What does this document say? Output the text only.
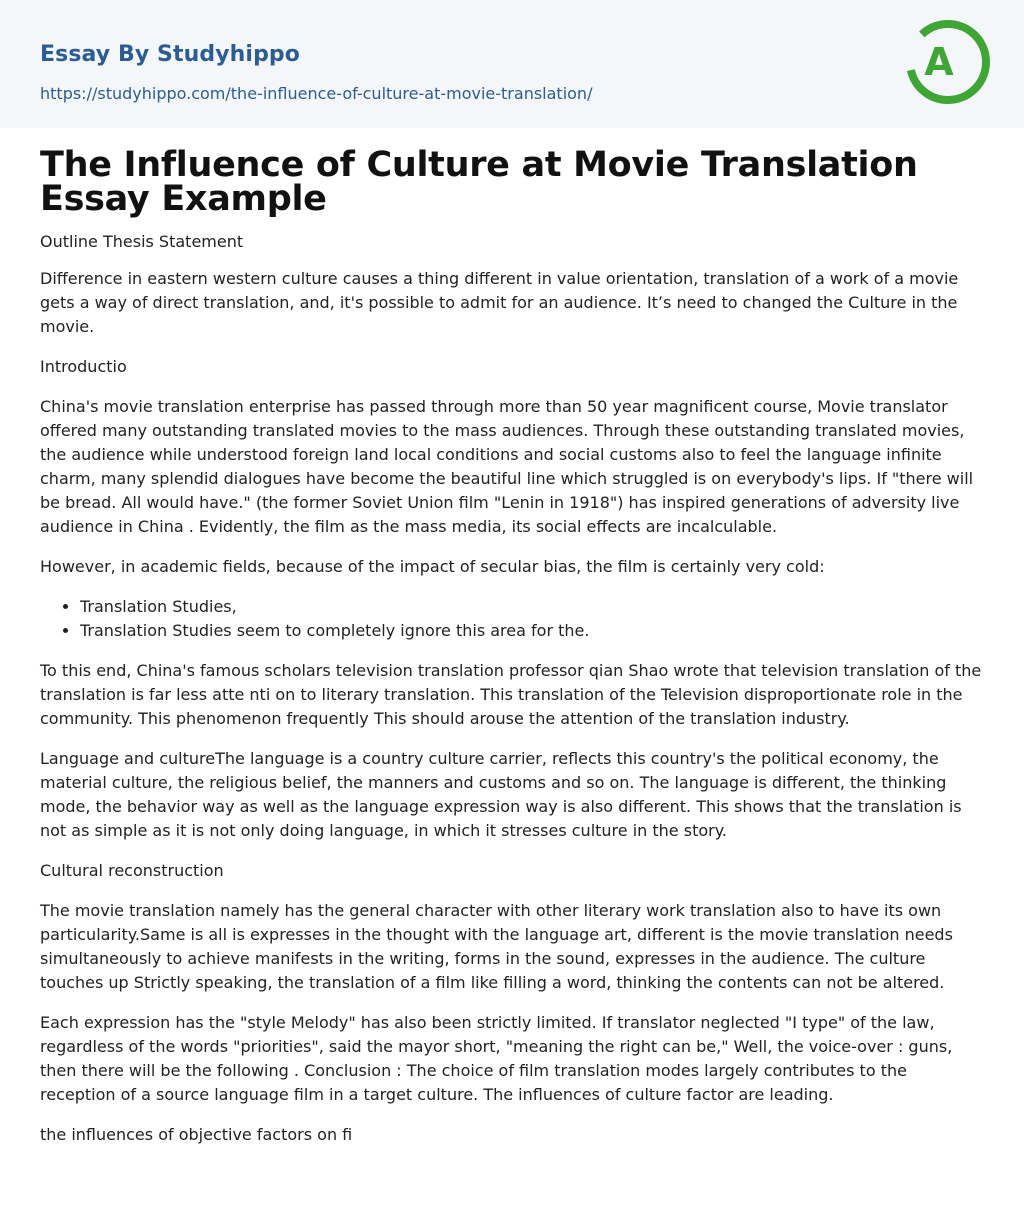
Essay By Studyhippo
https://studyhippo.com/the-influence-of-culture-at-movie-translation/
A
The Influence of Culture at Movie Translation Essay Example
Outline Thesis Statement

Difference in eastern western culture causes a thing different in value orientation, translation of a work of a movie gets a way of direct translation, and, it's possible to admit for an audience. It’s need to changed the Culture in the movie.

Introductio

China's movie translation enterprise has passed through more than 50 year magnificent course, Movie translator offered many outstanding translated movies to the mass audiences. Through these outstanding translated movies, the audience while understood foreign land local conditions and social customs also to feel the language infinite charm, many splendid dialogues have become the beautiful line which struggled is on everybody's lips. If "there will be bread. All would have." (the former Soviet Union film "Lenin in 1918") has inspired generations of adversity live audience in China . Evidently, the film as the mass media, its social effects are incalculable.

However, in academic fields, because of the impact of secular bias, the film is certainly very cold:

• Translation Studies,
• Translation Studies seem to completely ignore this area for the.

To this end, China's famous scholars television translation professor qian Shao wrote that television translation of the translation is far less atte nti on to literary translation. This translation of the Television disproportionate role in the community. This phenomenon frequently This should arouse the attention of the translation industry.

Language and cultureThe language is a country culture carrier, reflects this country's the political economy, the material culture, the religious belief, the manners and customs and so on. The language is different, the thinking mode, the behavior way as well as the language expression way is also different. This shows that the translation is not as simple as it is not only doing language, in which it stresses culture in the story.

Cultural reconstruction

The movie translation namely has the general character with other literary work translation also to have its own particularity.Same is all is expresses in the thought with the language art, different is the movie translation needs simultaneously to achieve manifests in the writing, forms in the sound, expresses in the audience. The culture touches up Strictly speaking, the translation of a film like filling a word, thinking the contents can not be altered.

Each expression has the "style Melody" has also been strictly limited. If translator neglected "I type" of the law, regardless of the words "priorities", said the mayor short, "meaning the right can be," Well, the voice-over : guns, then there will be the following . Conclusion : The choice of film translation modes largely contributes to the reception of a source language film in a target culture. The influences of culture factor are leading.

the influences of objective factors on fi
